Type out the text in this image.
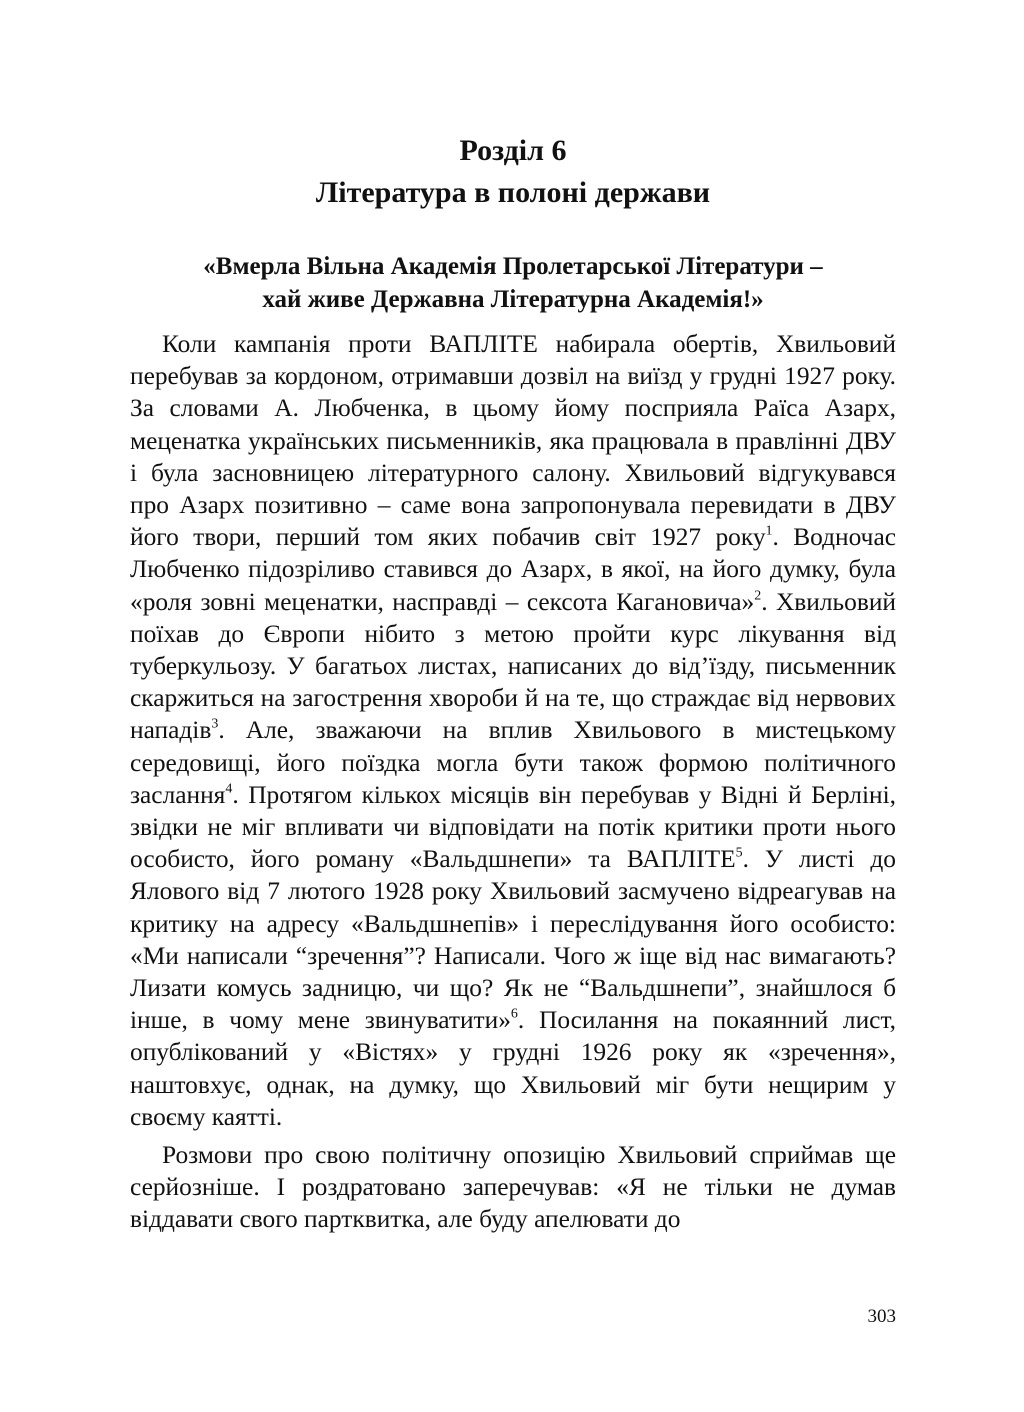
Розділ 6
Література в полоні держави
«Вмерла Вільна Академія Пролетарської Літератури –
хай живе Державна Літературна Академія!»

Коли кампанія проти ВАПЛІТЕ набирала обертів, Хвильовий перебував за кордоном, отримавши дозвіл на виїзд у грудні 1927 року. За словами А. Любченка, в цьому йому посприяла Раїса Азарх, меценатка українських письменників, яка працювала в правлінні ДВУ і була засновницею літературного салону. Хвильовий відгукувався про Азарх позитивно – саме вона запропонувала перевидати в ДВУ його твори, перший том яких побачив світ 1927 року$^1$. Водночас Любченко підозріливо ставився до Азарх, в якої, на його думку, була «роля зовні меценатки, насправді – сексота Кагановича»$^2$. Хвильовий поїхав до Європи нібито з метою пройти курс лікування від туберкульозу. У багатьох листах, написаних до від’їзду, письменник скаржиться на загострення хвороби й на те, що страждає від нервових нападів$^3$. Але, зважаючи на вплив Хвильового в мистецькому середовищі, його поїздка могла бути також формою політичного заслання$^4$. Протягом кількох місяців він перебував у Відні й Берліні, звідки не міг впливати чи відповідати на потік критики проти нього особисто, його роману «Вальдшнепи» та ВАПЛІТЕ$^5$. У листі до Ялового від 7 лютого 1928 року Хвильовий засмучено відреагував на критику на адресу «Вальдшнепів» і переслідування його особисто: «Ми написали “зречення”? Написали. Чого ж іще від нас вимагають? Лизати комусь задницю, чи що? Як не “Вальдшнепи”, знайшлося б інше, в чому мене звинуватити»$^6$. Посилання на покаянний лист, опублікований у «Вістях» у грудні 1926 року як «зречення», наштовхує, однак, на думку, що Хвильовий міг бути нещирим у своєму каятті.

Розмови про свою політичну опозицію Хвильовий сприймав ще серйозніше. І роздратовано заперечував: «Я не тільки не думав віддавати свого партквитка, але буду апелювати до

303
